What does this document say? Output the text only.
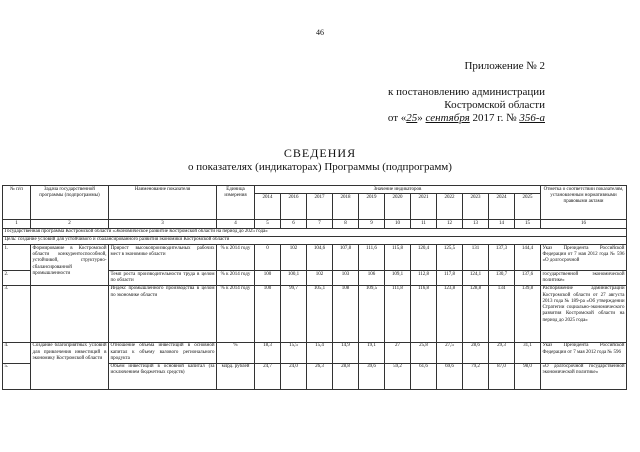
46
Приложение № 2
к постановлению администрации
Костромской области
от «25» сентября 2017 г. № 356-а
СВЕДЕНИЯ
о показателях (индикаторах) Программы (подпрограмм)
№ п/п	Задача государственной программы (подпрограммы)	Наименование показателя	Единица измерения	Значение индикаторов											Отметка о соответствии показателям, установленным нормативными правовыми актами
				2014	2016	2017	2018	2019	2020	2021	2022	2023	2024	2025	
1	2	3	4	5	6	7	8	9	10	11	12	13	14	15	16
Государственная программа Костромской области «Экономическое развитие Костромской области на период до 2025 года»															
Цель: создание условий для устойчивого и сбалансированного развития экономики Костромской области															
1.	Формирование в Костромской области конкурентоспособной, устойчивой, структурно-сбалансированной промышленности	Прирост высокопроизводительных рабочих мест в экономике области	% к 2014 году	0	102	104,6	107,8	111,6	115,8	120,4	125,5	131	137,3	144,4	Указ Президента Российской Федерации от 7 мая 2012 года № 596 «О долгосрочной
2.		Темп роста производительности труда в целом по области	% к 2014 году	100	100,1	102	103	106	109,1	112,8	117,8	124,1	130,7	137,6	государственной экономической политике»
3.		Индекс промышленного производства в целом по экономике области	% к 2014 году	100	99,7	105,1	108	109,5	111,8	116,8	123,8	128,8	134	139,8	Распоряжение администрации Костромской области от 27 августа 2013 года № 189-ра «Об утверждении Стратегии социально-экономического развития Костромской области на период до 2025 года»
4.	Создание благоприятных условий для привлечения инвестиций в экономику Костромской области	Отношение объема инвестиций в основной капитал к объему валового регионального продукта	%	18,3	15,5	15,4	14,9	19,1	27	25,8	27,5	28,6	29,3	31,1	Указ Президента Российской Федерации от 7 мая 2012 года № 596
5.		Объем инвестиций в основной капитал (за исключением бюджетных средств)	млрд. рублей	24,7	24,0	26,3	28,8	39,6	59,2	61,6	69,6	79,2	87,0	98,0	«О долгосрочной государственной экономической политике»
